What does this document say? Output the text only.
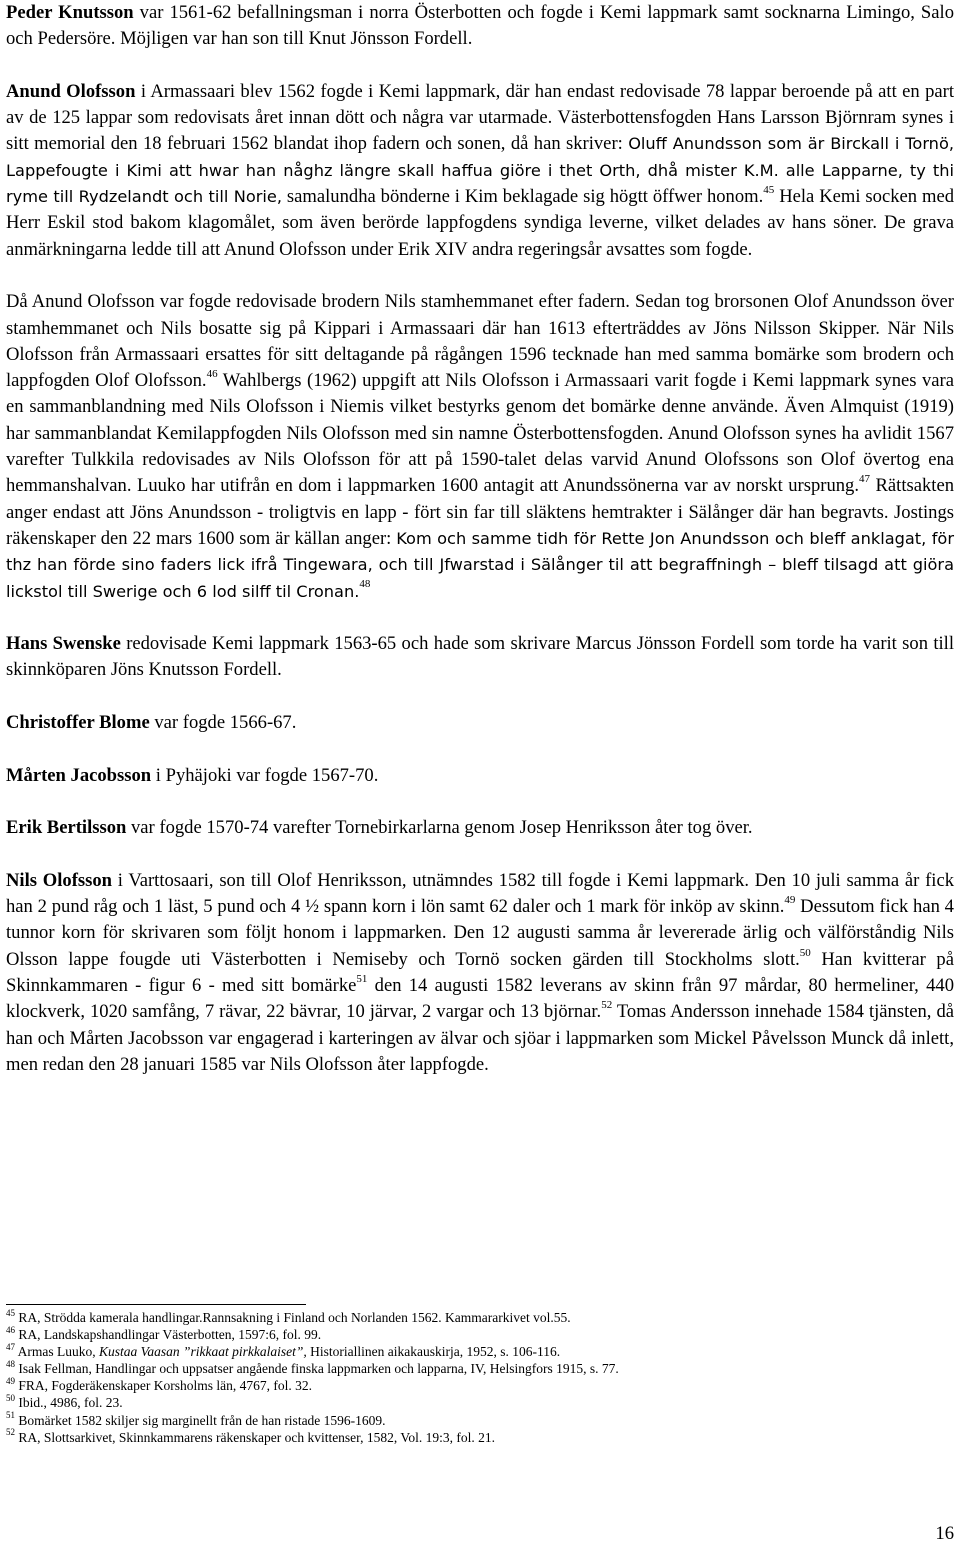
Peder Knutsson var 1561-62 befallningsman i norra Österbotten och fogde i Kemi lappmark samt socknarna Limingo, Salo och Pedersöre. Möjligen var han son till Knut Jönsson Fordell.

Anund Olofsson i Armassaari blev 1562 fogde i Kemi lappmark, där han endast redovisade 78 lappar beroende på att en part av de 125 lappar som redovisats året innan dött och några var utarmade. Västerbottensfogden Hans Larsson Björnram synes i sitt memorial den 18 februari 1562 blandat ihop fadern och sonen, då han skriver: Oluff Anundsson som är Birckall i Tornö, Lappefougte i Kimi att hwar han någhz längre skall haffua giöre i thet Orth, dhå mister K.M. alle Lapparne, ty thi ryme till Rydzelandt och till Norie, samalundha bönderne i Kim beklagade sig högtt öffwer honom.$^{45}$ Hela Kemi socken med Herr Eskil stod bakom klagomålet, som även berörde lappfogdens syndiga leverne, vilket delades av hans söner. De grava anmärkningarna ledde till att Anund Olofsson under Erik XIV andra regeringsår avsattes som fogde.

Då Anund Olofsson var fogde redovisade brodern Nils stamhemmanet efter fadern. Sedan tog brorsonen Olof Anundsson över stamhemmanet och Nils bosatte sig på Kippari i Armassaari där han 1613 efterträddes av Jöns Nilsson Skipper. När Nils Olofsson från Armassaari ersattes för sitt deltagande på rågången 1596 tecknade han med samma bomärke som brodern och lappfogden Olof Olofsson.$^{46}$ Wahlbergs (1962) uppgift att Nils Olofsson i Armassaari varit fogde i Kemi lappmark synes vara en sammanblandning med Nils Olofsson i Niemis vilket bestyrks genom det bomärke denne använde. Även Almquist (1919) har sammanblandat Kemilappfogden Nils Olofsson med sin namne Österbottensfogden. Anund Olofsson synes ha avlidit 1567 varefter Tulkkila redovisades av Nils Olofsson för att på 1590-talet delas varvid Anund Olofssons son Olof övertog ena hemmanshalvan. Luuko har utifrån en dom i lappmarken 1600 antagit att Anundssönerna var av norskt ursprung.$^{47}$ Rättsakten anger endast att Jöns Anundsson - troligtvis en lapp - fört sin far till släktens hemtrakter i Sälånger där han begravts. Jostings räkenskaper den 22 mars 1600 som är källan anger: Kom och samme tidh för Rette Jon Anundsson och bleff anklagat, för thz han förde sino faders lick ifrå Tingewara, och till Jfwarstad i Sälånger til att begraffningh – bleff tilsagd att giöra lickstol till Swerige och 6 lod silff til Cronan.$^{48}$

Hans Swenske redovisade Kemi lappmark 1563-65 och hade som skrivare Marcus Jönsson Fordell som torde ha varit son till skinnköparen Jöns Knutsson Fordell.

Christoffer Blome var fogde 1566-67.

Mårten Jacobsson i Pyhäjoki var fogde 1567-70.

Erik Bertilsson var fogde 1570-74 varefter Tornebirkarlarna genom Josep Henriksson åter tog över.

Nils Olofsson i Varttosaari, son till Olof Henriksson, utnämndes 1582 till fogde i Kemi lappmark. Den 10 juli samma år fick han 2 pund råg och 1 läst, 5 pund och 4 ½ spann korn i lön samt 62 daler och 1 mark för inköp av skinn.$^{49}$ Dessutom fick han 4 tunnor korn för skrivaren som följt honom i lappmarken. Den 12 augusti samma år levererade ärlig och välförståndig Nils Olsson lappe fougde uti Västerbotten i Nemiseby och Tornö socken gärden till Stockholms slott.$^{50}$ Han kvitterar på Skinnkammaren - figur 6 - med sitt bomärke$^{51}$ den 14 augusti 1582 leverans av skinn från 97 mårdar, 80 hermeliner, 440 klockverk, 1020 samfång, 7 rävar, 22 bävrar, 10 järvar, 2 vargar och 13 björnar.$^{52}$ Tomas Andersson innehade 1584 tjänsten, då han och Mårten Jacobsson var engagerad i karteringen av älvar och sjöar i lappmarken som Mickel Påvelsson Munck då inlett, men redan den 28 januari 1585 var Nils Olofsson åter lappfogde.

$^{45}$ RA, Strödda kamerala handlingar.Rannsakning i Finland och Norlanden 1562. Kammararkivet vol.55.

$^{46}$ RA, Landskapshandlingar Västerbotten, 1597:6, fol. 99.

$^{47}$ Armas Luuko, Kustaa Vaasan ”rikkaat pirkkalaiset”, Historiallinen aikakauskirja, 1952, s. 106-116.

$^{48}$ Isak Fellman, Handlingar och uppsatser angående finska lappmarken och lapparna, IV, Helsingfors 1915, s. 77.

$^{49}$ FRA, Fogderäkenskaper Korsholms län, 4767, fol. 32.

$^{50}$ Ibid., 4986, fol. 23.

$^{51}$ Bomärket 1582 skiljer sig marginellt från de han ristade 1596-1609.

$^{52}$ RA, Slottsarkivet, Skinnkammarens räkenskaper och kvittenser, 1582, Vol. 19:3, fol. 21.

16
